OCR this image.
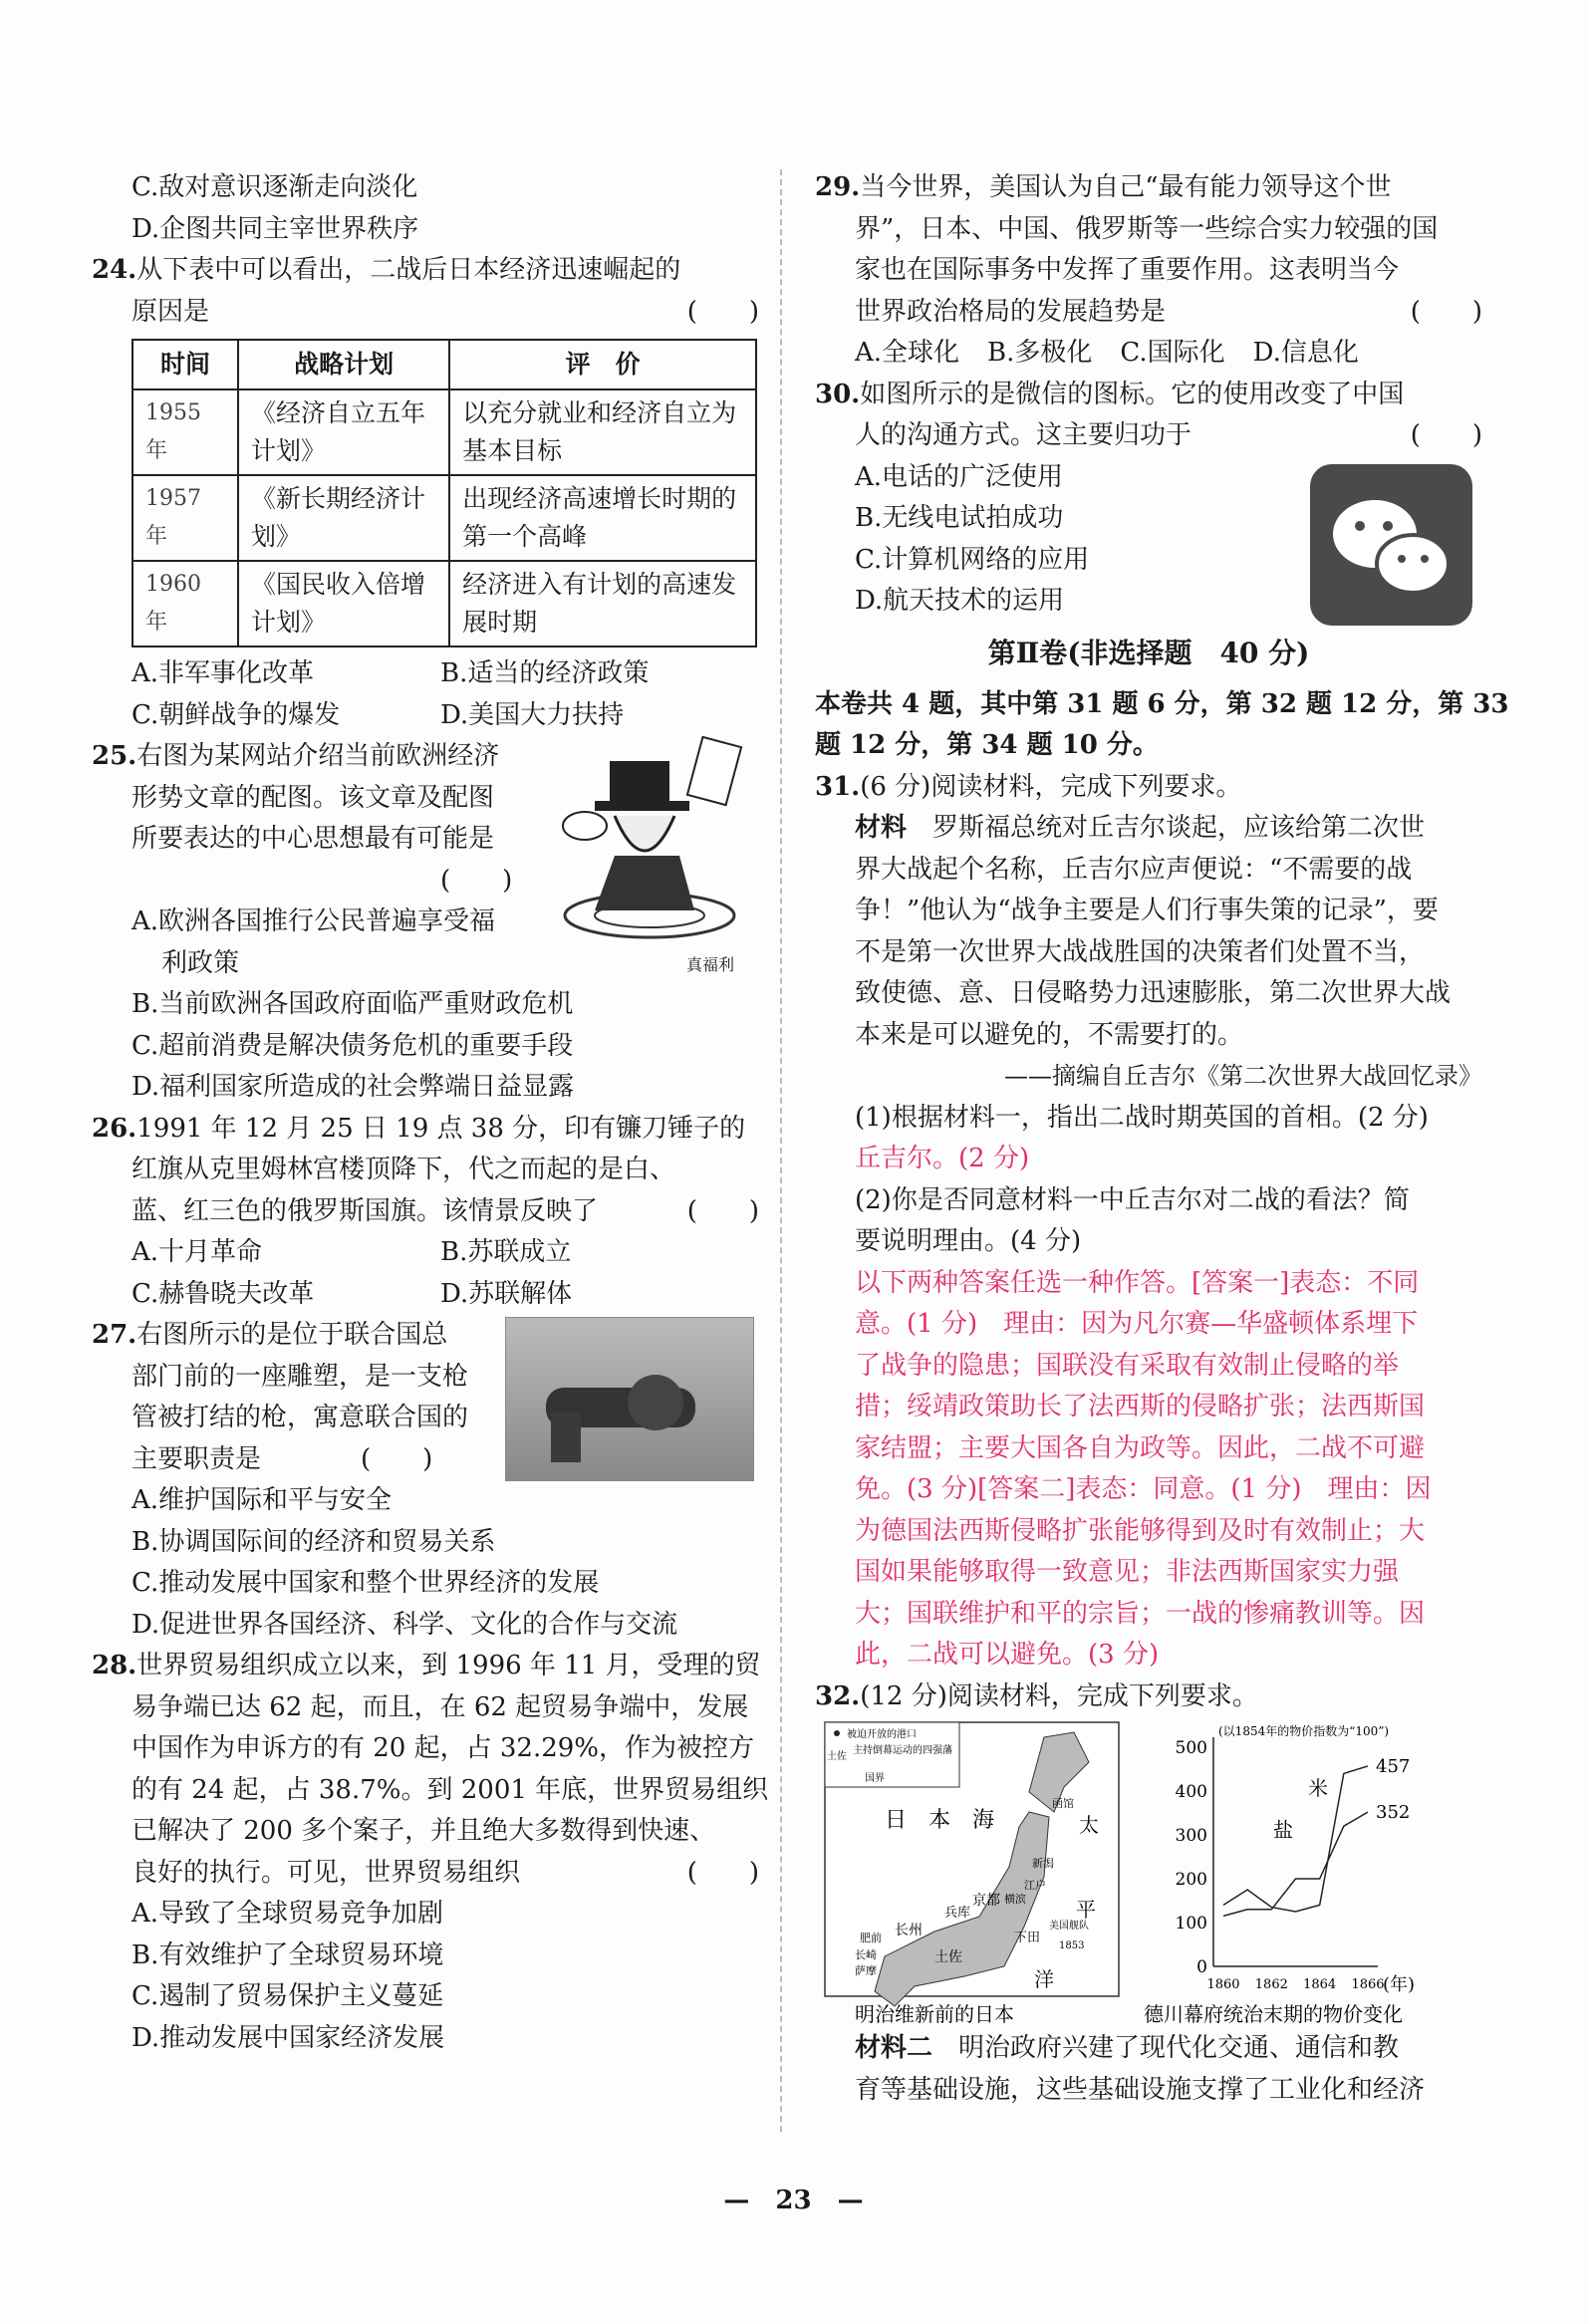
C.敌对意识逐渐走向淡化
D.企图共同主宰世界秩序
24.从下表中可以看出，二战后日本经济迅速崛起的
原因是	(　　)
时间	战略计划	评　价
1955 年	《经济自立五年计划》	以充分就业和经济自立为基本目标
1957 年	《新长期经济计划》	出现经济高速增长时期的第一个高峰
1960 年	《国民收入倍增计划》	经济进入有计划的高速发展时期
A.非军事化改革	B.适当的经济政策
C.朝鲜战争的爆发	D.美国大力扶持
真福利
25.右图为某网站介绍当前欧洲经济
形势文章的配图。该文章及配图
所要表达的中心思想最有可能是
(　　)
A.欧洲各国推行公民普遍享受福
利政策
B.当前欧洲各国政府面临严重财政危机
C.超前消费是解决债务危机的重要手段
D.福利国家所造成的社会弊端日益显露
26.1991 年 12 月 25 日 19 点 38 分，印有镰刀锤子的
红旗从克里姆林宫楼顶降下，代之而起的是白、
蓝、红三色的俄罗斯国旗。该情景反映了	(　　)
A.十月革命	B.苏联成立
C.赫鲁晓夫改革	D.苏联解体
27.右图所示的是位于联合国总
部门前的一座雕塑，是一支枪
管被打结的枪，寓意联合国的
主要职责是	(　　)
A.维护国际和平与安全
B.协调国际间的经济和贸易关系
C.推动发展中国家和整个世界经济的发展
D.促进世界各国经济、科学、文化的合作与交流
28.世界贸易组织成立以来，到 1996 年 11 月，受理的贸
易争端已达 62 起，而且，在 62 起贸易争端中，发展
中国作为申诉方的有 20 起，占 32.29%，作为被控方
的有 24 起，占 38.7%。到 2001 年底，世界贸易组织
已解决了 200 多个案子，并且绝大多数得到快速、
良好的执行。可见，世界贸易组织	(　　)
A.导致了全球贸易竞争加剧
B.有效维护了全球贸易环境
C.遏制了贸易保护主义蔓延
D.推动发展中国家经济发展
29.当今世界，美国认为自己“最有能力领导这个世
界”，日本、中国、俄罗斯等一些综合实力较强的国
家也在国际事务中发挥了重要作用。这表明当今
世界政治格局的发展趋势是	(　　)
A.全球化 B.多极化 C.国际化 D.信息化
30.如图所示的是微信的图标。它的使用改变了中国
人的沟通方式。这主要归功于	(　　)
A.电话的广泛使用
B.无线电试拍成功
C.计算机网络的应用
D.航天技术的运用
第Ⅱ卷(非选择题　40 分)
本卷共 4 题，其中第 31 题 6 分，第 32 题 12 分，第 33
题 12 分，第 34 题 10 分。
31.(6 分)阅读材料，完成下列要求。
材料　 罗斯福总统对丘吉尔谈起，应该给第二次世
界大战起个名称，丘吉尔应声便说：“不需要的战
争！”他认为“战争主要是人们行事失策的记录”，要
不是第一次世界大战战胜国的决策者们处置不当，
致使德、意、日侵略势力迅速膨胀，第二次世界大战
本来是可以避免的，不需要打的。
——摘编自丘吉尔《第二次世界大战回忆录》
(1)根据材料一，指出二战时期英国的首相。(2 分)
丘吉尔。(2 分)
(2)你是否同意材料一中丘吉尔对二战的看法？简
要说明理由。(4 分)
以下两种答案任选一种作答。[答案一]表态：不同
意。(1 分)　理由：因为凡尔赛—华盛顿体系埋下
了战争的隐患；国联没有采取有效制止侵略的举
措；绥靖政策助长了法西斯的侵略扩张；法西斯国
家结盟；主要大国各自为政等。因此，二战不可避
免。(3 分)[答案二]表态：同意。(1 分)　理由：因
为德国法西斯侵略扩张能够得到及时有效制止；大
国如果能够取得一致意见；非法西斯国家实力强
大；国联维护和平的宗旨；一战的惨痛教训等。因
此，二战可以避免。(3 分)
32.(12 分)阅读材料，完成下列要求。
日　本　海	太
平
洋
函馆
新潟
江户
京都 横滨
兵库
长州
土佐
下田
肥前
长崎
萨摩
美国舰队
1853
被迫开放的港口
土佐
主持倒幕运动的四强藩
国界
明治维新前的日本
0
100
200
300
400
500
1860 1862 1864 1866
(年)
(以1854年的物价指数为“100”)
米
457
盐
352
德川幕府统治末期的物价变化
材料二　 明治政府兴建了现代化交通、通信和教
育等基础设施，这些基础设施支撑了工业化和经济
—　23　—
